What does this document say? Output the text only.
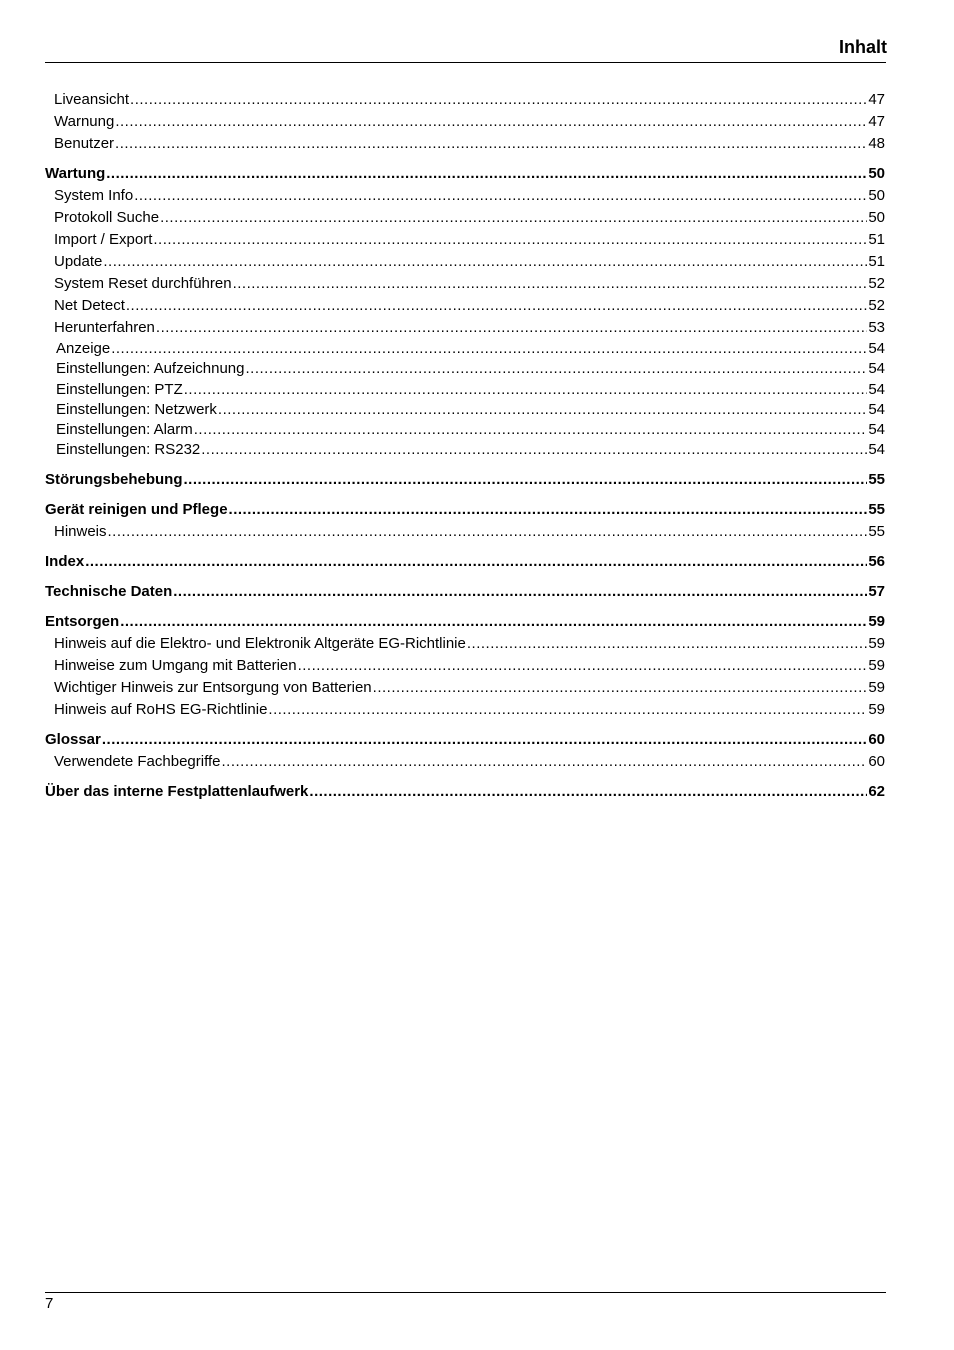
Inhalt
Liveansicht .....	47
Warnung .....	47
Benutzer .....	48
Wartung .....	50
System Info .....	50
Protokoll Suche .....	50
Import / Export .....	51
Update .....	51
System Reset durchführen .....	52
Net Detect .....	52
Herunterfahren .....	53
Anzeige .....	54
Einstellungen: Aufzeichnung .....	54
Einstellungen: PTZ .....	54
Einstellungen: Netzwerk .....	54
Einstellungen: Alarm .....	54
Einstellungen: RS232 .....	54
Störungsbehebung .....	55
Gerät reinigen und Pflege .....	55
Hinweis .....	55
Index .....	56
Technische Daten .....	57
Entsorgen .....	59
Hinweis auf die Elektro- und Elektronik Altgeräte EG-Richtlinie .....	59
Hinweise zum Umgang mit Batterien .....	59
Wichtiger Hinweis zur Entsorgung von Batterien .....	59
Hinweis auf RoHS EG-Richtlinie .....	59
Glossar .....	60
Verwendete Fachbegriffe .....	60
Über das interne Festplattenlaufwerk .....	62
7
